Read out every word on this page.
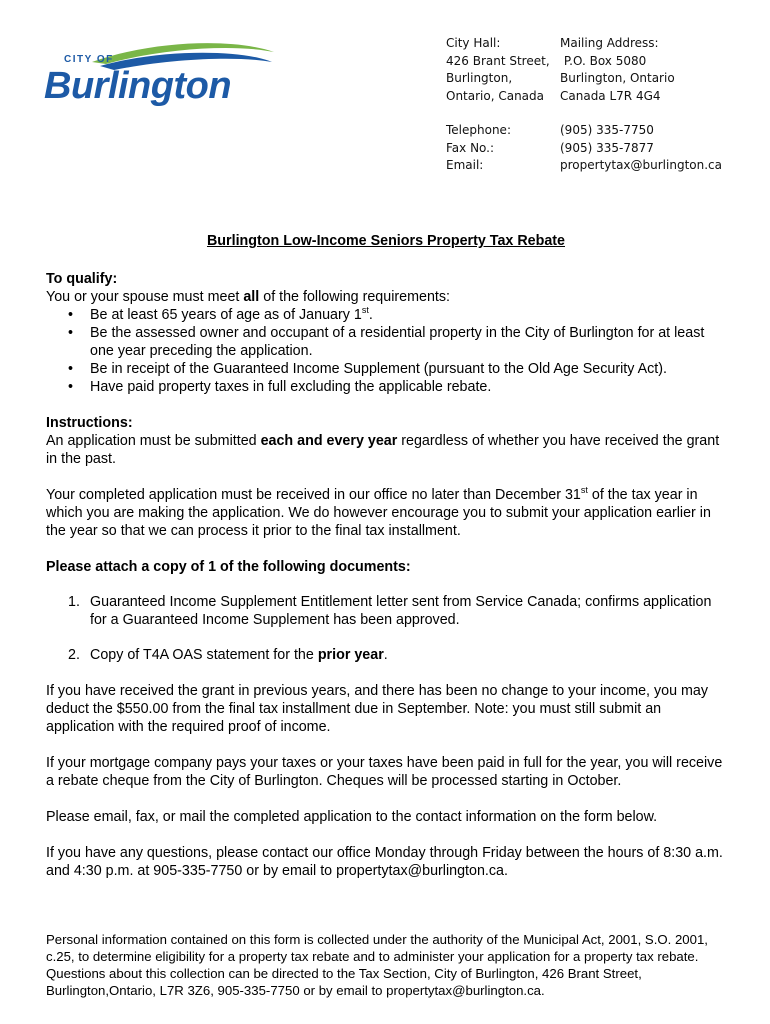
CITY OF
Burlington
City Hall:
426 Brant Street,
Burlington,
Ontario, Canada
Mailing Address:
P.O. Box 5080
Burlington, Ontario
Canada L7R 4G4
Telephone:
Fax No.:
Email:
(905) 335-7750
(905) 335-7877
propertytax@burlington.ca

Burlington Low-Income Seniors Property Tax Rebate

To qualify:

You or your spouse must meet all of the following requirements:

• Be at least 65 years of age as of January 1st.
• Be the assessed owner and occupant of a residential property in the City of Burlington for at least one year preceding the application.
• Be in receipt of the Guaranteed Income Supplement (pursuant to the Old Age Security Act).
• Have paid property taxes in full excluding the applicable rebate.

Instructions:

An application must be submitted each and every year regardless of whether you have received the grant in the past.

Your completed application must be received in our office no later than December 31st of the tax year in which you are making the application. We do however encourage you to submit your application earlier in the year so that we can process it prior to the final tax installment.

Please attach a copy of 1 of the following documents:

1. Guaranteed Income Supplement Entitlement letter sent from Service Canada; confirms application for a Guaranteed Income Supplement has been approved.
2. Copy of T4A OAS statement for the prior year.

If you have received the grant in previous years, and there has been no change to your income, you may deduct the $550.00 from the final tax installment due in September. Note: you must still submit an application with the required proof of income.

If your mortgage company pays your taxes or your taxes have been paid in full for the year, you will receive a rebate cheque from the City of Burlington. Cheques will be processed starting in October.

Please email, fax, or mail the completed application to the contact information on the form below.

If you have any questions, please contact our office Monday through Friday between the hours of 8:30 a.m. and 4:30 p.m. at 905-335-7750 or by email to propertytax@burlington.ca.

Personal information contained on this form is collected under the authority of the Municipal Act, 2001, S.O. 2001, c.25, to determine eligibility for a property tax rebate and to administer your application for a property tax rebate. Questions about this collection can be directed to the Tax Section, City of Burlington, 426 Brant Street, Burlington,Ontario, L7R 3Z6, 905-335-7750 or by email to propertytax@burlington.ca.
